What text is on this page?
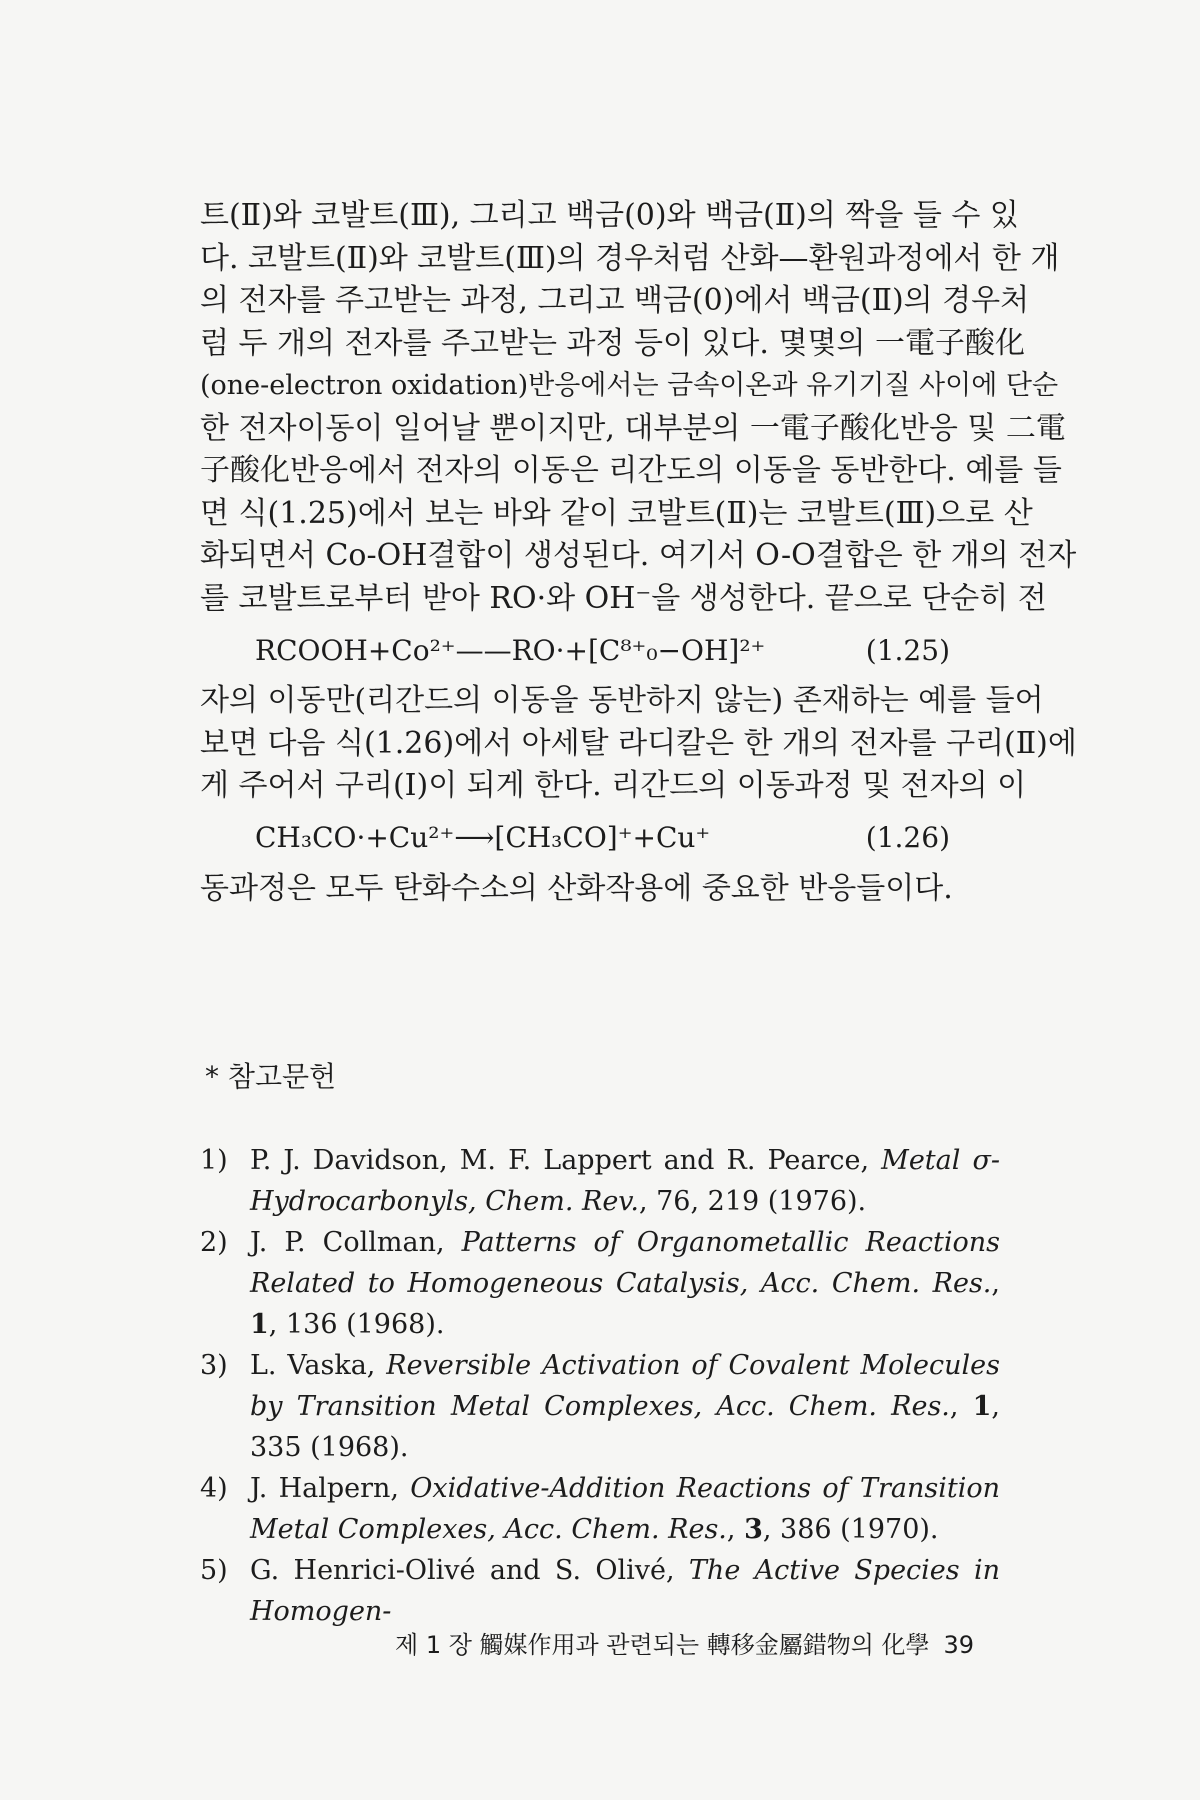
트(Ⅱ)와 코발트(Ⅲ), 그리고 백금(0)와 백금(Ⅱ)의 짝을 들 수 있
다. 코발트(Ⅱ)와 코발트(Ⅲ)의 경우처럼 산화—환원과정에서 한 개
의 전자를 주고받는 과정, 그리고 백금(0)에서 백금(Ⅱ)의 경우처
럼 두 개의 전자를 주고받는 과정 등이 있다. 몇몇의 一電子酸化
(one-electron oxidation)반응에서는 금속이온과 유기기질 사이에 단순
한 전자이동이 일어날 뿐이지만, 대부분의 一電子酸化반응 및 二電
子酸化반응에서 전자의 이동은 리간도의 이동을 동반한다. 예를 들
면 식(1.25)에서 보는 바와 같이 코발트(Ⅱ)는 코발트(Ⅲ)으로 산
화되면서 Co-OH결합이 생성된다. 여기서 O-O결합은 한 개의 전자
를 코발트로부터 받아 RO·와 OH⁻을 생성한다. 끝으로 단순히 전
RCOOH+Co²⁺——RO·+[C⁸⁺₀−OH]²⁺	(1.25)
자의 이동만(리간드의 이동을 동반하지 않는) 존재하는 예를 들어
보면 다음 식(1.26)에서 아세탈 라디칼은 한 개의 전자를 구리(Ⅱ)에
게 주어서 구리(Ⅰ)이 되게 한다. 리간드의 이동과정 및 전자의 이
CH₃CO·+Cu²⁺⟶[CH₃CO]⁺+Cu⁺	(1.26)
동과정은 모두 탄화수소의 산화작용에 중요한 반응들이다.
* 참고문헌
1) P. J. Davidson, M. F. Lappert and R. Pearce, Metal σ-Hydrocarbonyls, Chem. Rev., 76, 219 (1976).
2) J. P. Collman, Patterns of Organometallic Reactions Related to Homogeneous Catalysis, Acc. Chem. Res., 1, 136 (1968).
3) L. Vaska, Reversible Activation of Covalent Molecules by Transition Metal Complexes, Acc. Chem. Res., 1, 335 (1968).
4) J. Halpern, Oxidative-Addition Reactions of Transition Metal Complexes, Acc. Chem. Res., 3, 386 (1970).
5) G. Henrici-Olivé and S. Olivé, The Active Species in Homogen-
제 1 장 觸媒作用과 관련되는 轉移金屬錯物의 化學 39
